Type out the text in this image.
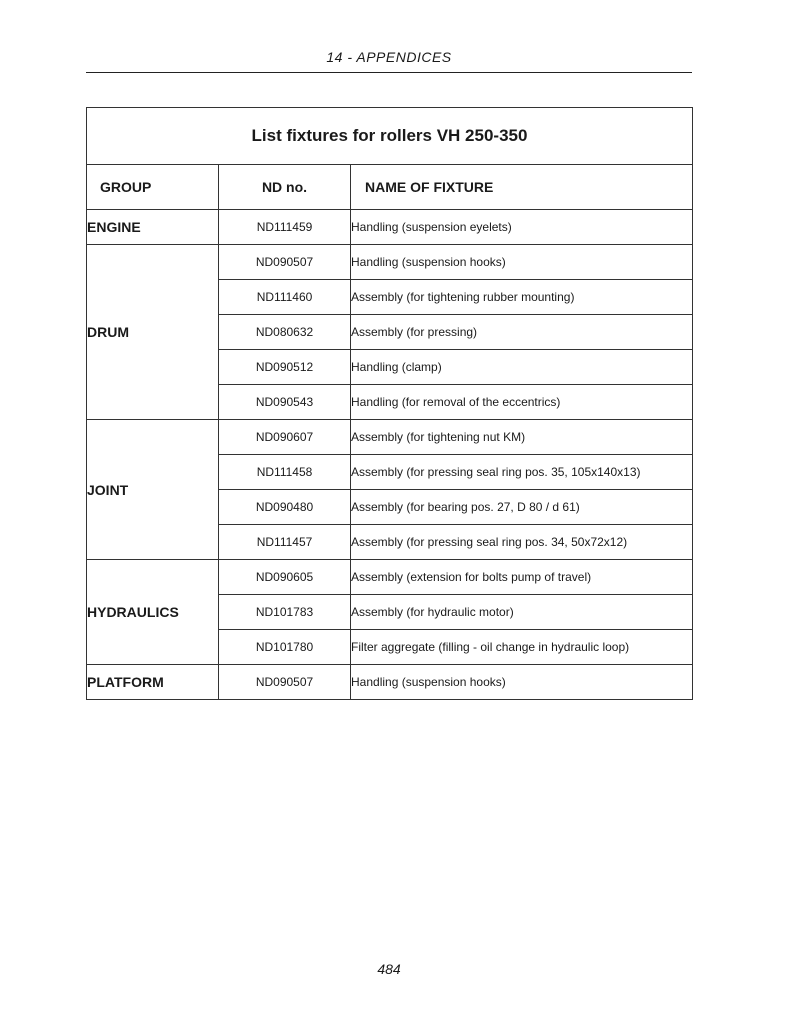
14 - APPENDICES
List fixtures for rollers VH 250-350		
GROUP	ND no.	NAME OF FIXTURE
ENGINE	ND111459	Handling (suspension eyelets)
DRUM	ND090507	Handling (suspension hooks)
	ND111460	Assembly (for tightening rubber mounting)
	ND080632	Assembly (for pressing)
	ND090512	Handling (clamp)
	ND090543	Handling (for removal of the eccentrics)
JOINT	ND090607	Assembly (for tightening nut KM)
	ND111458	Assembly (for pressing seal ring pos. 35, 105x140x13)
	ND090480	Assembly (for bearing pos. 27, D 80 / d 61)
	ND111457	Assembly (for pressing seal ring pos. 34, 50x72x12)
HYDRAULICS	ND090605	Assembly (extension for bolts pump of travel)
	ND101783	Assembly (for hydraulic motor)
	ND101780	Filter aggregate (filling - oil change in hydraulic loop)
PLATFORM	ND090507	Handling (suspension hooks)
484
